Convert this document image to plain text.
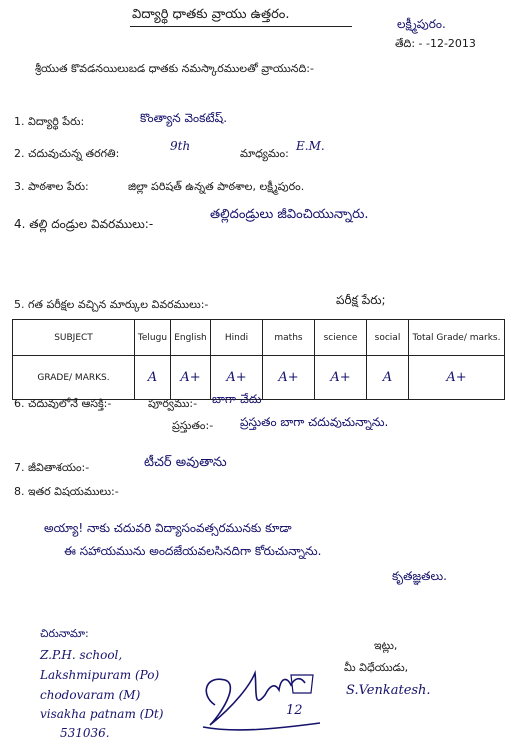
విద్యార్థి ధాతకు వ్రాయు ఉత్తరం.
లక్ష్మీపురం.
తేది: - -12-2013
శ్రీయుత కొవడనయిలుబడ ధాతకు నమస్కారములతో వ్రాయునది:-
1. విద్యార్థి పేరు:	కొంత్యాన వెంకటేష్.
2. చదువుచున్న తరగతి:
9th
మాధ్యమం:
E.M.
3. పాఠశాల పేరు:	జిల్లా పరిషత్ ఉన్నత పాఠశాల, లక్ష్మీపురం.
4. తల్లి దండ్రుల వివరములు:-
తల్లిదండ్రులు జీవించియున్నారు.
5. గత పరీక్షల వచ్చిన మార్కుల వివరములు:-	పరీక్ష పేరు;
SUBJECT	Telugu	English	Hindi	maths	science	social	Total Grade/ marks.
GRADE/ MARKS.	A	A+	A+	A+	A+	A	A+
6. చదువులోనే ఆసక్తి:-	పూర్వము:- బాగా చేదు
ప్రస్తుతం:- ప్రస్తుతం బాగా చదువుచున్నాను.
7. జీవితాశయం:-	టీచర్ అవుతాను
8. ఇతర విషయములు:-
అయ్యా! నాకు చదువరి విద్యాసంవత్సరమునకు కూడా
ఈ సహాయమును అందజేయవలసినదిగా కోరుచున్నాను.
కృతజ్ఞతలు.
చిరునామా:
Z.P.H. school,
Lakshmipuram (Po)
chodovaram (M)
visakha patnam (Dt)
531036.
12
ఇట్లు,
మీ విధేయుడు,
S.Venkatesh.
